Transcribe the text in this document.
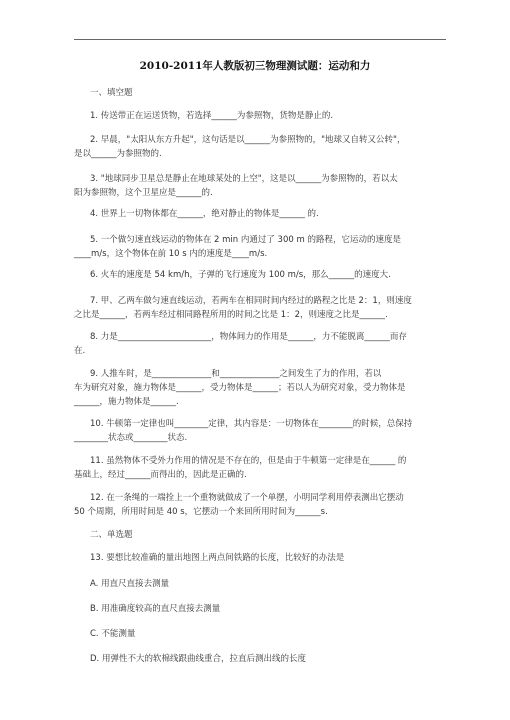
2010-2011年人教版初三物理测试题：运动和力
一、填空题
1. 传送带正在运送货物，若选择______为参照物，货物是静止的.
2. 早晨，"太阳从东方升起"，这句话是以______为参照物的，"地球又自转又公转"，
是以______为参照物的.
3. "地球同步卫星总是静止在地球某处的上空"，这是以______为参照物的，若以太
阳为参照物，这个卫星应是______的.
4. 世界上一切物体都在______，绝对静止的物体是______ 的.
5. 一个做匀速直线运动的物体在 2 min 内通过了 300 m 的路程，它运动的速度是
____m/s，这个物体在前 10 s 内的速度是____m/s.
6. 火车的速度是 54 km/h，子弹的飞行速度为 100 m/s，那么______的速度大.
7. 甲、乙两车做匀速直线运动，若两车在相同时间内经过的路程之比是 2：1，则速度
之比是______，若两车经过相同路程所用的时间之比是 1：2，则速度之比是______.
8. 力是______________________，物体间力的作用是______，力不能脱离______而存
在.
9. 人推车时，是______________和______________之间发生了力的作用，若以
车为研究对象，施力物体是______，受力物体是______；若以人为研究对象，受力物体是
______，施力物体是______.
10. 牛顿第一定律也叫________定律，其内容是：一切物体在________的时候，总保持
________状态或________状态.
11. 虽然物体不受外力作用的情况是不存在的，但是由于牛顿第一定律是在______ 的
基础上，经过______而得出的，因此是正确的.
12. 在一条绳的一端拴上一个重物就做成了一个单摆，小明同学利用停表测出它摆动
50 个周期，所用时间是 40 s，它摆动一个来回所用时间为______s.
二、单选题
13. 要想比较准确的量出地图上两点间铁路的长度，比较好的办法是
A. 用直尺直接去测量
B. 用准确度较高的直尺直接去测量
C. 不能测量
D. 用弹性不大的软棉线跟曲线重合，拉直后测出线的长度
